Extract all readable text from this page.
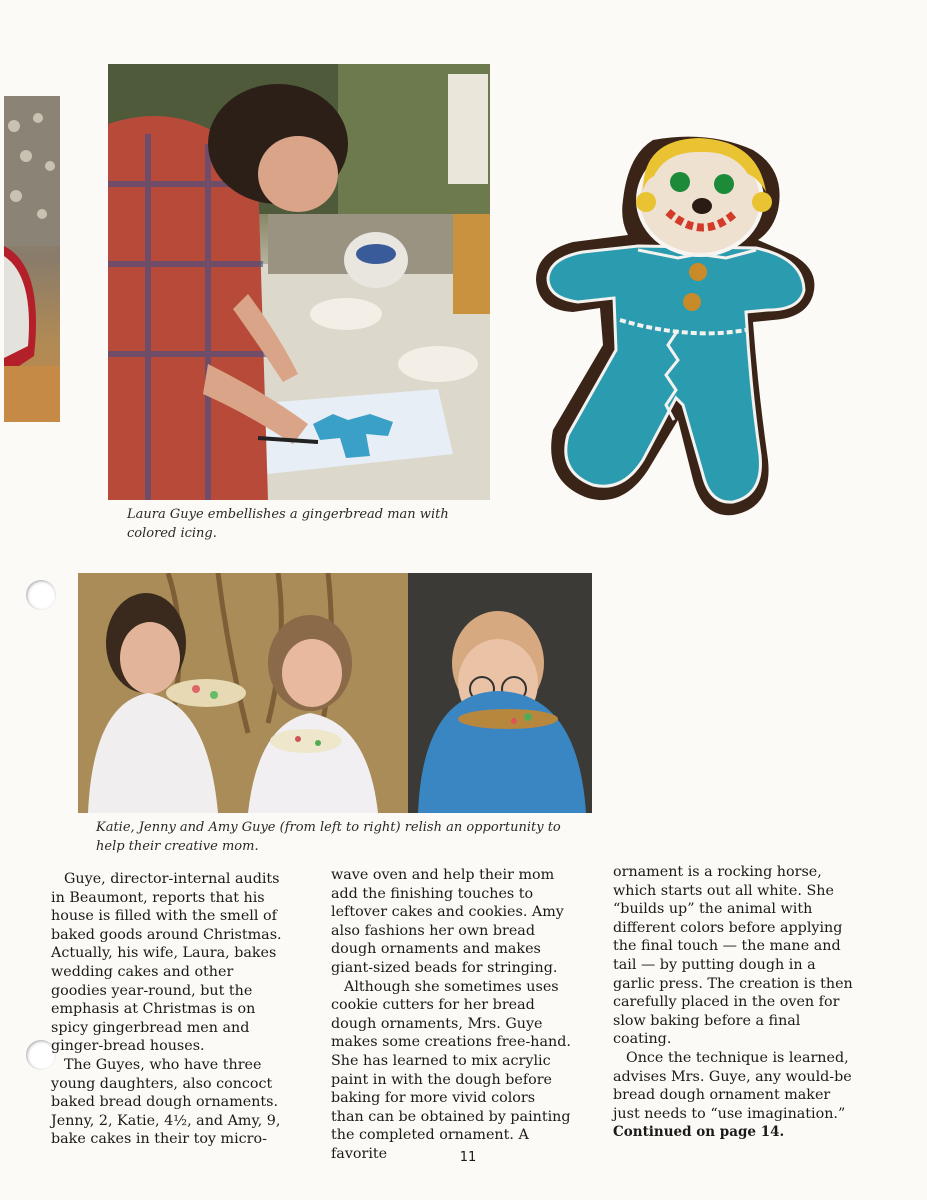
Laura Guye embellishes a gingerbread man with colored icing.
Katie, Jenny and Amy Guye (from left to right) relish an opportunity to help their creative mom.

Guye, director-internal audits in Beaumont, reports that his house is filled with the smell of baked goods around Christmas. Actually, his wife, Laura, bakes wedding cakes and other goodies year-round, but the emphasis at Christmas is on spicy gingerbread men and ginger-bread houses.

The Guyes, who have three young daughters, also concoct baked bread dough ornaments. Jenny, 2, Katie, 4½, and Amy, 9, bake cakes in their toy micro-

wave oven and help their mom add the finishing touches to leftover cakes and cookies. Amy also fashions her own bread dough ornaments and makes giant-sized beads for stringing.

Although she sometimes uses cookie cutters for her bread dough ornaments, Mrs. Guye makes some creations free-hand. She has learned to mix acrylic paint in with the dough before baking for more vivid colors than can be obtained by painting the completed ornament. A favorite

ornament is a rocking horse, which starts out all white. She “builds up” the animal with different colors before applying the final touch — the mane and tail — by putting dough in a garlic press. The creation is then carefully placed in the oven for slow baking before a final coating.

Once the technique is learned, advises Mrs. Guye, any would-be bread dough ornament maker just needs to “use imagination.”

Continued on page 14.

11
